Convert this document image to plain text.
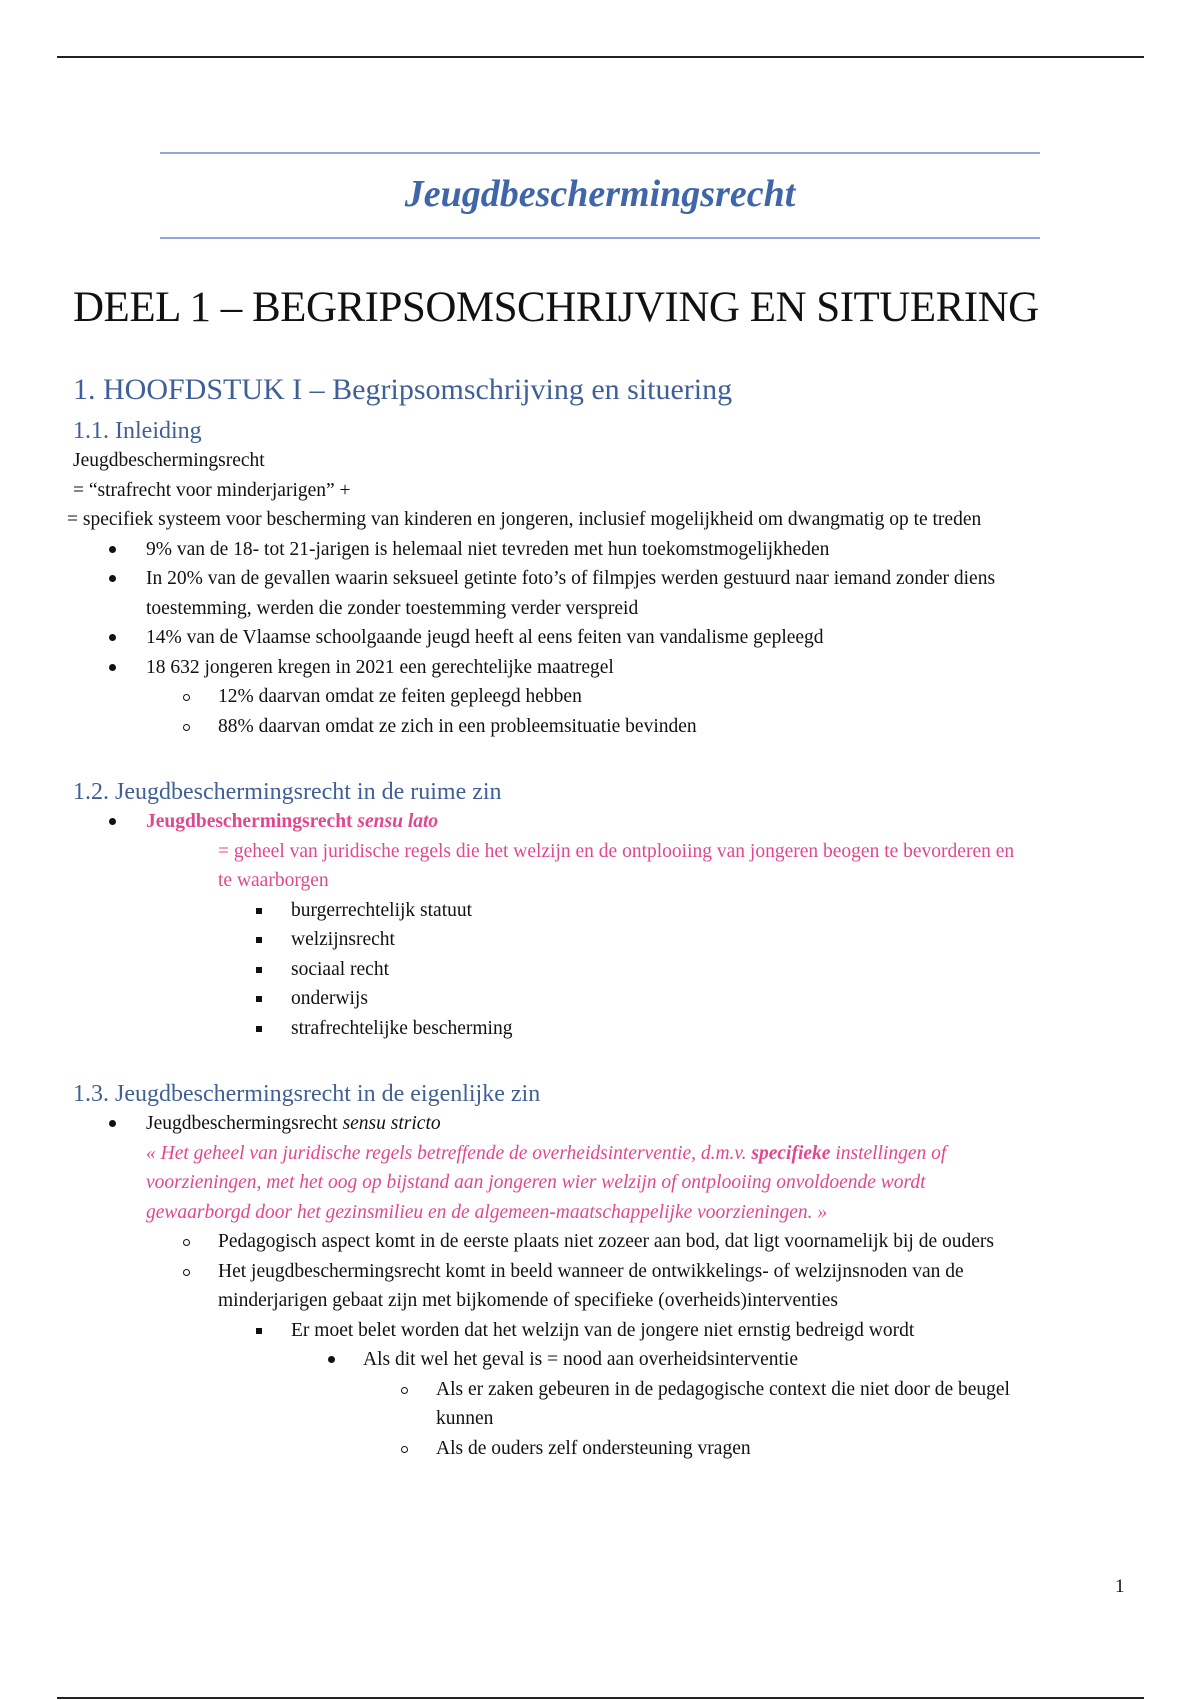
Jeugdbeschermingsrecht
DEEL 1 – BEGRIPSOMSCHRIJVING EN SITUERING
1. HOOFDSTUK I – Begripsomschrijving en situering
1.1. Inleiding
Jeugdbeschermingsrecht
= “strafrecht voor minderjarigen” +
= specifiek systeem voor bescherming van kinderen en jongeren, inclusief mogelijkheid om dwangmatig op te treden
9% van de 18- tot 21-jarigen is helemaal niet tevreden met hun toekomstmogelijkheden
In 20% van de gevallen waarin seksueel getinte foto’s of filmpjes werden gestuurd naar iemand zonder diens
toestemming, werden die zonder toestemming verder verspreid
14% van de Vlaamse schoolgaande jeugd heeft al eens feiten van vandalisme gepleegd
18 632 jongeren kregen in 2021 een gerechtelijke maatregel
12% daarvan omdat ze feiten gepleegd hebben
88% daarvan omdat ze zich in een probleemsituatie bevinden
1.2. Jeugdbeschermingsrecht in de ruime zin
Jeugdbeschermingsrecht sensu lato
= geheel van juridische regels die het welzijn en de ontplooiing van jongeren beogen te bevorderen en
te waarborgen
burgerrechtelijk statuut
welzijnsrecht
sociaal recht
onderwijs
strafrechtelijke bescherming
1.3. Jeugdbeschermingsrecht in de eigenlijke zin
Jeugdbeschermingsrecht sensu stricto
« Het geheel van juridische regels betreffende de overheidsinterventie, d.m.v. specifieke instellingen of
voorzieningen, met het oog op bijstand aan jongeren wier welzijn of ontplooiing onvoldoende wordt
gewaarborgd door het gezinsmilieu en de algemeen-maatschappelijke voorzieningen. »
Pedagogisch aspect komt in de eerste plaats niet zozeer aan bod, dat ligt voornamelijk bij de ouders
Het jeugdbeschermingsrecht komt in beeld wanneer de ontwikkelings- of welzijnsnoden van de
minderjarigen gebaat zijn met bijkomende of specifieke (overheids)interventies
Er moet belet worden dat het welzijn van de jongere niet ernstig bedreigd wordt
Als dit wel het geval is = nood aan overheidsinterventie
Als er zaken gebeuren in de pedagogische context die niet door de beugel
kunnen
Als de ouders zelf ondersteuning vragen
1
